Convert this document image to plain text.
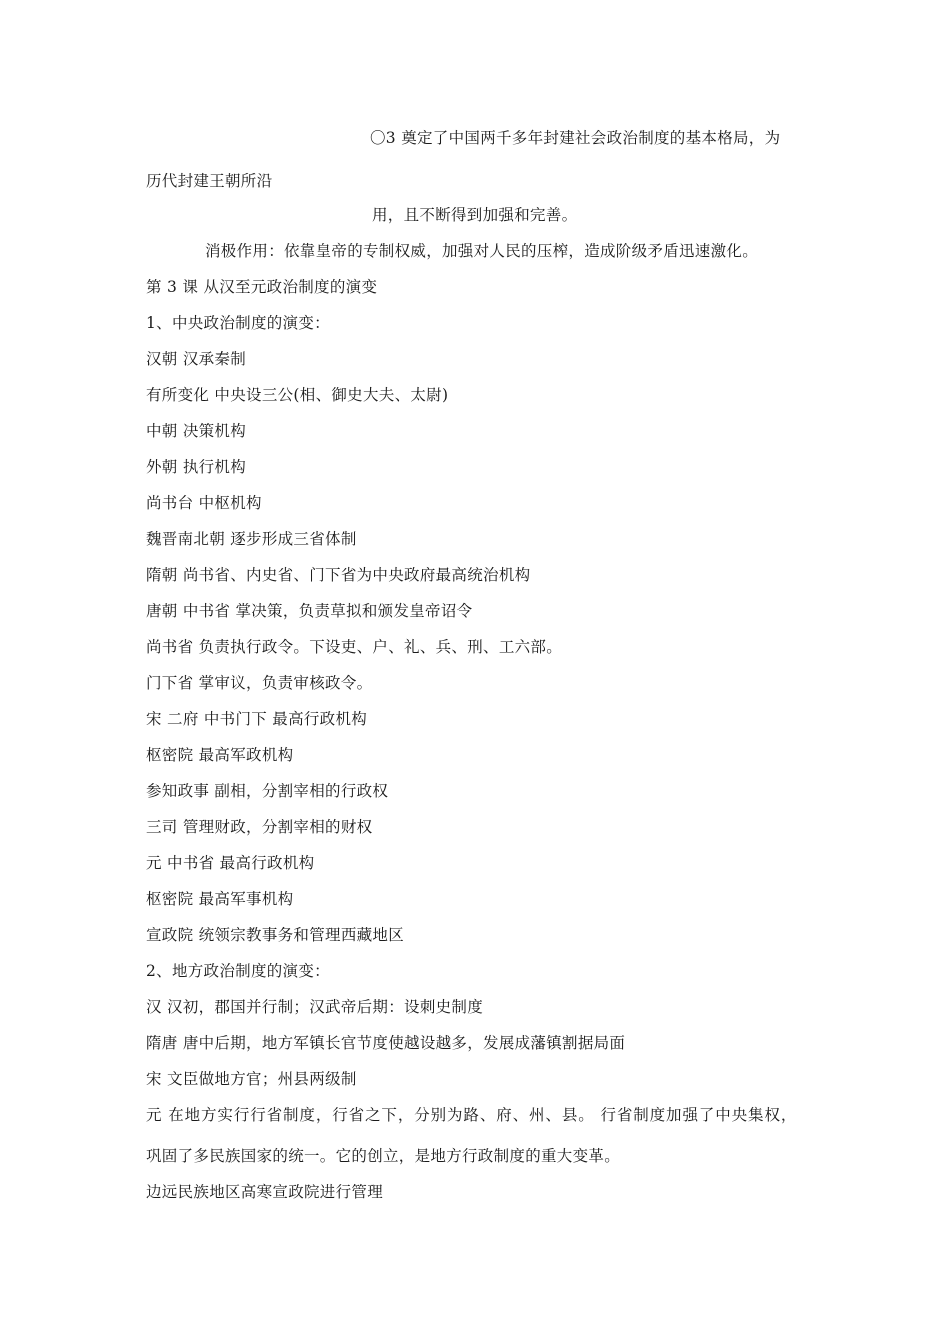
〇3 奠定了中国两千多年封建社会政治制度的基本格局，为
历代封建王朝所沿
用，且不断得到加强和完善。
消极作用：依靠皇帝的专制权威，加强对人民的压榨，造成阶级矛盾迅速激化。
第 3 课 从汉至元政治制度的演变
1、中央政治制度的演变：
汉朝 汉承秦制
有所变化 中央设三公(相、御史大夫、太尉)
中朝 决策机构
外朝 执行机构
尚书台 中枢机构
魏晋南北朝 逐步形成三省体制
隋朝 尚书省、内史省、门下省为中央政府最高统治机构
唐朝 中书省 掌决策，负责草拟和颁发皇帝诏令
尚书省 负责执行政令。下设吏、户、礼、兵、刑、工六部。
门下省 掌审议，负责审核政令。
宋 二府 中书门下 最高行政机构
枢密院 最高军政机构
参知政事 副相，分割宰相的行政权
三司 管理财政，分割宰相的财权
元 中书省 最高行政机构
枢密院 最高军事机构
宣政院 统领宗教事务和管理西藏地区
2、地方政治制度的演变：
汉 汉初，郡国并行制；汉武帝后期：设刺史制度
隋唐 唐中后期，地方军镇长官节度使越设越多，发展成藩镇割据局面
宋 文臣做地方官；州县两级制
元 在地方实行行省制度，行省之下，分别为路、府、州、县。 行省制度加强了中央集权，
巩固了多民族国家的统一。它的创立，是地方行政制度的重大变革。
边远民族地区高寒宣政院进行管理
